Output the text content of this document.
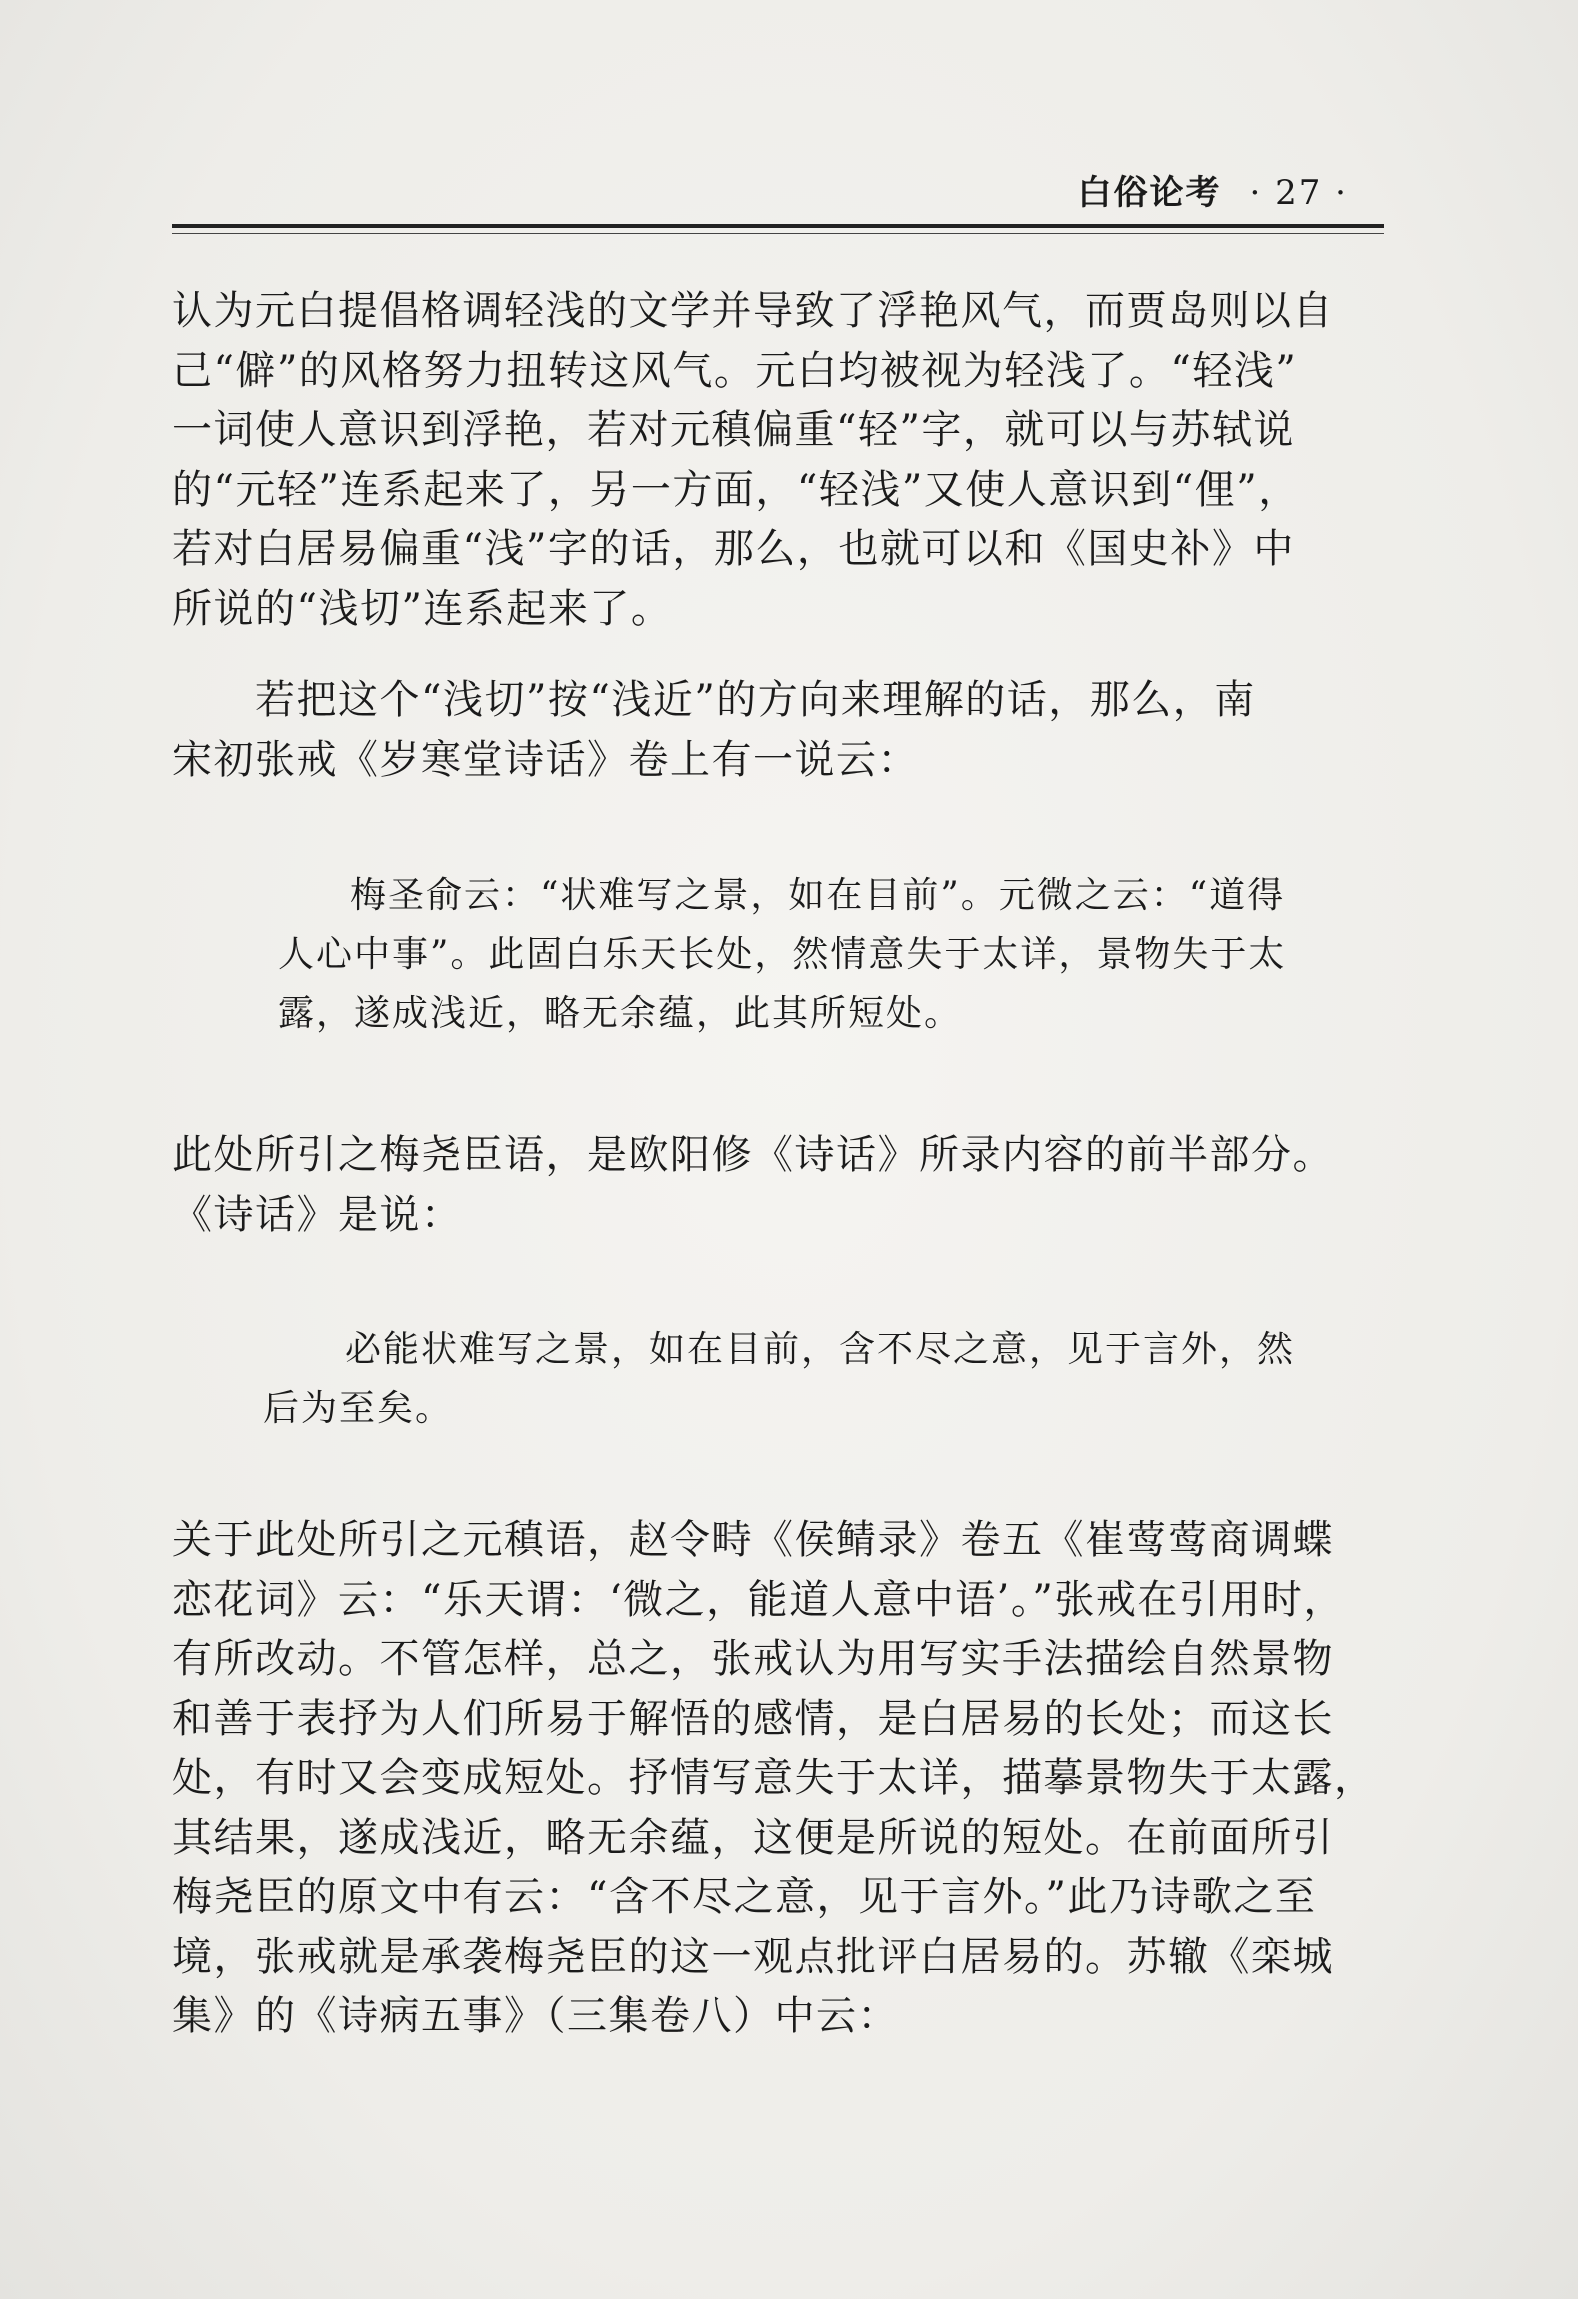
白俗论考 · 27 ·
认为元白提倡格调轻浅的文学并导致了浮艳风气，而贾岛则以自
己“僻”的风格努力扭转这风气。元白均被视为轻浅了。“轻浅”
一词使人意识到浮艳，若对元稹偏重“轻”字，就可以与苏轼说
的“元轻”连系起来了，另一方面，“轻浅”又使人意识到“俚”，
若对白居易偏重“浅”字的话，那么，也就可以和《国史补》中
所说的“浅切”连系起来了。
　　若把这个“浅切”按“浅近”的方向来理解的话，那么，南
宋初张戒《岁寒堂诗话》卷上有一说云：
梅圣俞云：“状难写之景，如在目前”。元微之云：“道得
人心中事”。此固白乐天长处，然情意失于太详，景物失于太
露，遂成浅近，略无余蕴，此其所短处。
此处所引之梅尧臣语，是欧阳修《诗话》所录内容的前半部分。
《诗话》是说：
必能状难写之景，如在目前，含不尽之意，见于言外，然
后为至矣。
关于此处所引之元稹语，赵令畤《侯鲭录》卷五《崔莺莺商调蝶
恋花词》云：“乐天谓：‘微之，能道人意中语’。”张戒在引用时，
有所改动。不管怎样，总之，张戒认为用写实手法描绘自然景物
和善于表抒为人们所易于解悟的感情，是白居易的长处；而这长
处，有时又会变成短处。抒情写意失于太详，描摹景物失于太露，
其结果，遂成浅近，略无余蕴，这便是所说的短处。在前面所引
梅尧臣的原文中有云：“含不尽之意，见于言外。”此乃诗歌之至
境，张戒就是承袭梅尧臣的这一观点批评白居易的。苏辙《栾城
集》的《诗病五事》（三集卷八）中云：
